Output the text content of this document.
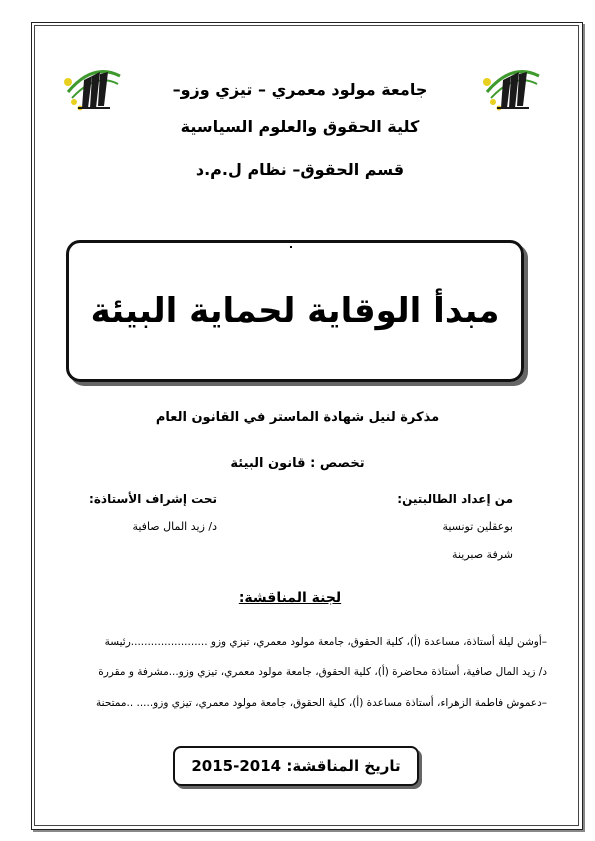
جامعة مولود معمري – تيزي وزو–
كلية الحقوق والعلوم السياسية
قسم الحقوق– نظام ل.م.د
مبدأ الوقاية لحماية البيئة
مذكرة لنيل شهادة الماستر في القانون العام
تخصص : قانون البيئة
من إعداد الطالبتين:
بوعقلين تونسية
شرفة صبرينة
تحت إشراف الأستاذة:
د/ زيد المال صافية
لجنة المناقشة:
–أوشن ليلة أستاذة، مساعدة (أ)، كلية الحقوق، جامعة مولود معمري، تيزي وزو .......................رئيسة
د/ زيد المال صافية، أستاذة محاضرة (أ)، كلية الحقوق، جامعة مولود معمري، تيزي وزو...مشرفة و مقررة
–دعموش فاطمة الزهراء، أستاذة مساعدة (أ)، كلية الحقوق، جامعة مولود معمري، تيزي وزو..... ..ممتحنة
تاريخ المناقشة: 2014-2015
